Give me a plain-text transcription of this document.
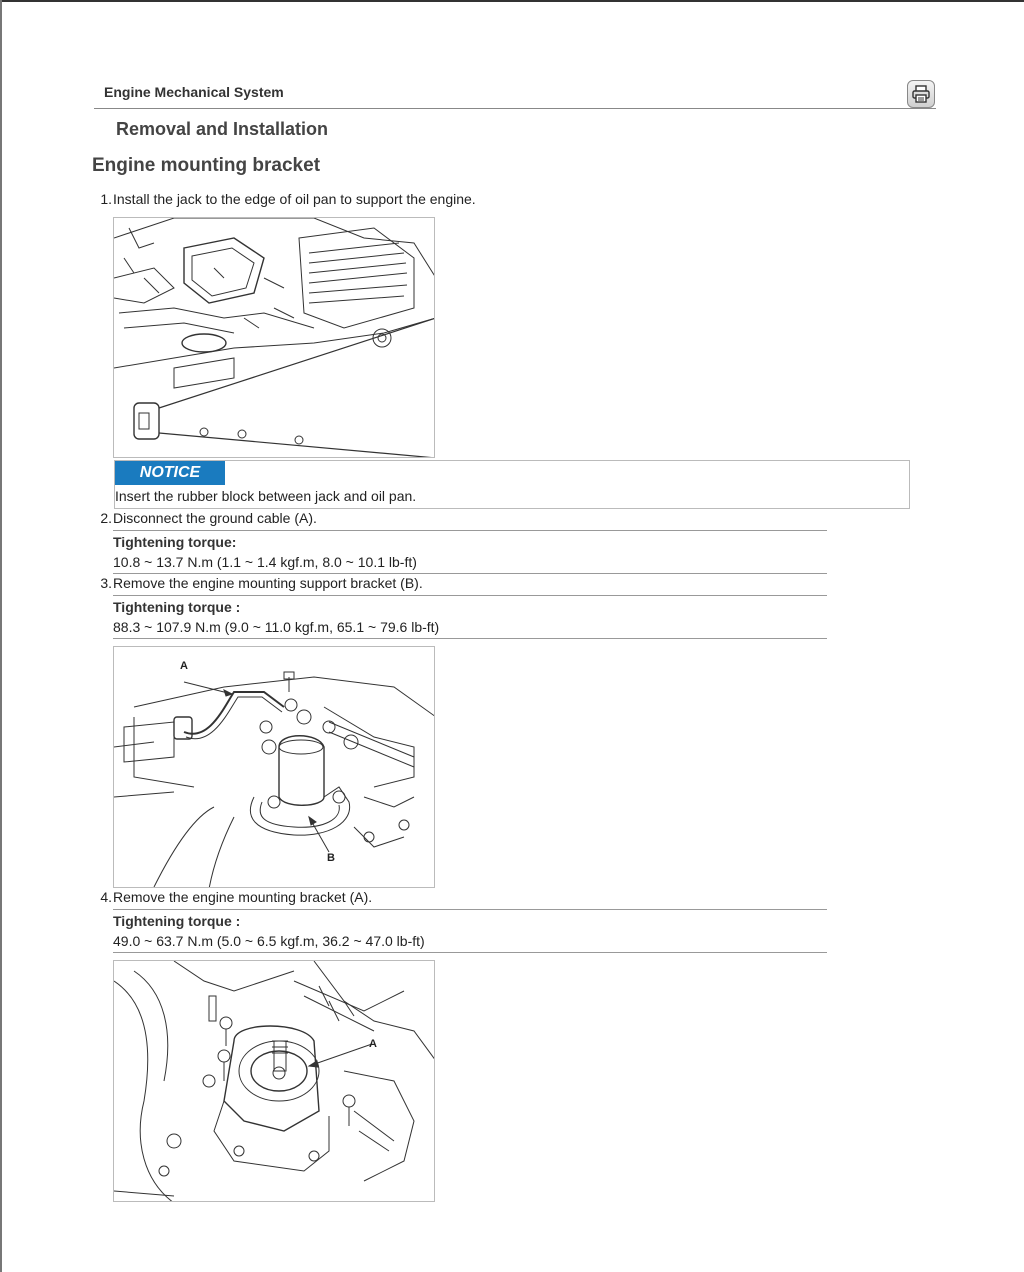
Engine Mechanical System
Removal and Installation
Engine mounting bracket
1. Install the jack to the edge of oil pan to support the engine.
NOTICE
Insert the rubber block between jack and oil pan.
2. Disconnect the ground cable (A).
Tightening torque:
10.8 ~ 13.7 N.m (1.1 ~ 1.4 kgf.m, 8.0 ~ 10.1 lb-ft)
3. Remove the engine mounting support bracket (B).
Tightening torque :
88.3 ~ 107.9 N.m (9.0 ~ 11.0 kgf.m, 65.1 ~ 79.6 lb-ft)
A
B
4. Remove the engine mounting bracket (A).
Tightening torque :
49.0 ~ 63.7 N.m (5.0 ~ 6.5 kgf.m, 36.2 ~ 47.0 lb-ft)
A
